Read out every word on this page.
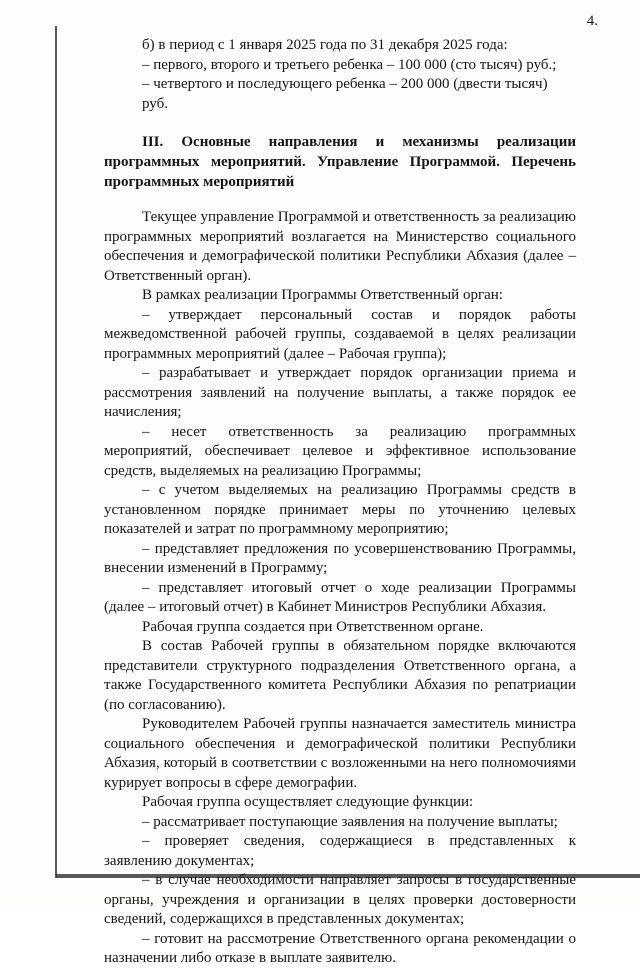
4.
б) в период с 1 января 2025 года по 31 декабря 2025 года:
– первого, второго и третьего ребенка – 100 000 (сто тысяч) руб.;
– четвертого и последующего ребенка – 200 000 (двести тысяч) руб.
III. Основные направления и механизмы реализации программных мероприятий. Управление Программой. Перечень программных мероприятий

Текущее управление Программой и ответственность за реализацию программных мероприятий возлагается на Министерство социального обеспечения и демографической политики Республики Абхазия (далее – Ответственный орган).

В рамках реализации Программы Ответственный орган:

– утверждает персональный состав и порядок работы межведомственной рабочей группы, создаваемой в целях реализации программных мероприятий (далее – Рабочая группа);

– разрабатывает и утверждает порядок организации приема и рассмотрения заявлений на получение выплаты, а также порядок ее начисления;

– несет ответственность за реализацию программных мероприятий, обеспечивает целевое и эффективное использование средств, выделяемых на реализацию Программы;

– с учетом выделяемых на реализацию Программы средств в установленном порядке принимает меры по уточнению целевых показателей и затрат по программному мероприятию;

– представляет предложения по усовершенствованию Программы, внесении изменений в Программу;

– представляет итоговый отчет о ходе реализации Программы (далее – итоговый отчет) в Кабинет Министров Республики Абхазия.

Рабочая группа создается при Ответственном органе.

В состав Рабочей группы в обязательном порядке включаются представители структурного подразделения Ответственного органа, а также Государственного комитета Республики Абхазия по репатриации (по согласованию).

Руководителем Рабочей группы назначается заместитель министра социального обеспечения и демографической политики Республики Абхазия, который в соответствии с возложенными на него полномочиями курирует вопросы в сфере демографии.

Рабочая группа осуществляет следующие функции:

– рассматривает поступающие заявления на получение выплаты;

– проверяет сведения, содержащиеся в представленных к заявлению документах;

– в случае необходимости направляет запросы в государственные органы, учреждения и организации в целях проверки достоверности сведений, содержащихся в представленных документах;

– готовит на рассмотрение Ответственного органа рекомендации о назначении либо отказе в выплате заявителю.
